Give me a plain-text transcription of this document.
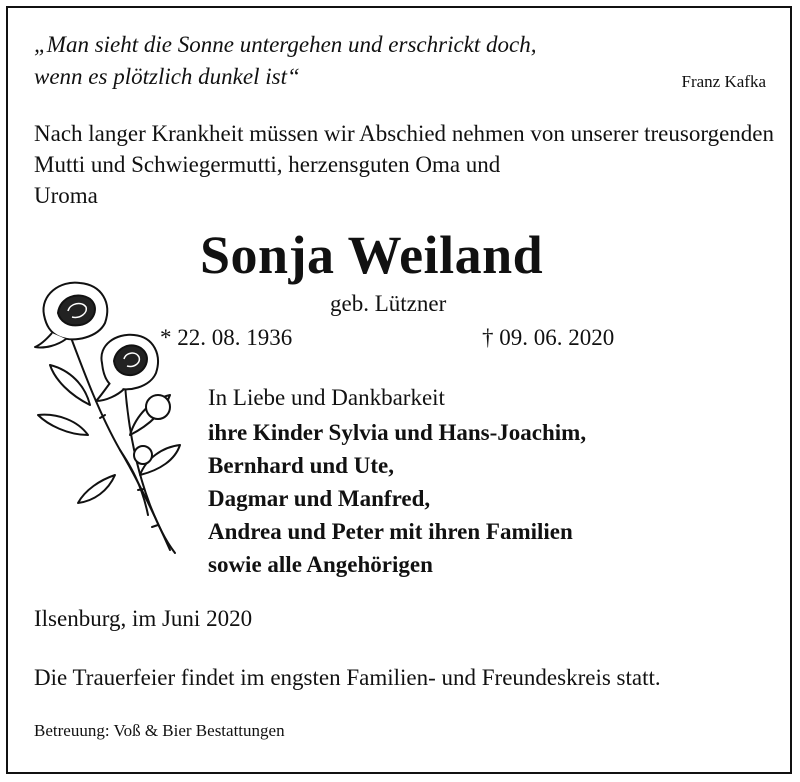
„Man sieht die Sonne untergehen und erschrickt doch,
wenn es plötzlich dunkel ist“	Franz Kafka
Nach langer Krankheit müssen wir Abschied nehmen von unserer treusorgenden Mutti und Schwiegermutti, herzensguten Oma und
Uroma
Sonja Weiland
geb. Lützner
* 22. 08. 1936	† 09. 06. 2020
In Liebe und Dankbarkeit
ihre Kinder Sylvia und Hans-Joachim,
Bernhard und Ute,
Dagmar und Manfred,
Andrea und Peter mit ihren Familien
sowie alle Angehörigen
Ilsenburg, im Juni 2020
Die Trauerfeier findet im engsten Familien- und Freundeskreis statt.
Betreuung: Voß & Bier Bestattungen
